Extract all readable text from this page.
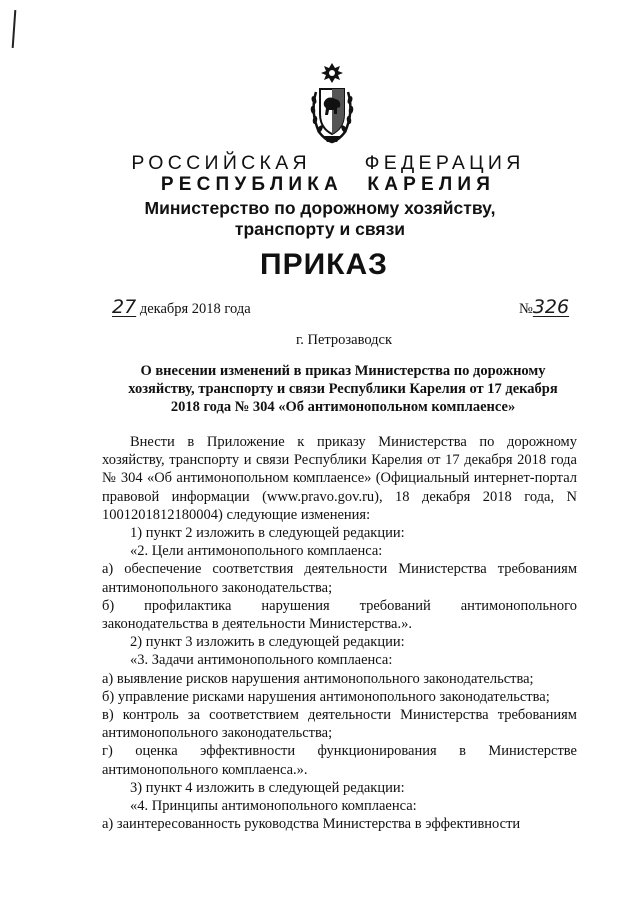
РОССИЙСКАЯ ФЕДЕРАЦИЯ
РЕСПУБЛИКА КАРЕЛИЯ
Министерство по дорожному хозяйству,
транспорту и связи
ПРИКАЗ
27 декабря 2018 года	№326
г. Петрозаводск
О внесении изменений в приказ Министерства по дорожному хозяйству, транспорту и связи Республики Карелия от 17 декабря 2018 года № 304 «Об антимонопольном комплаенсе»

Внести в Приложение к приказу Министерства по дорожному хозяйству, транспорту и связи Республики Карелия от 17 декабря 2018 года № 304 «Об антимонопольном комплаенсе» (Официальный интернет-портал правовой информации (www.pravo.gov.ru), 18 декабря 2018 года, N 1001201812180004) следующие изменения:

1) пункт 2 изложить в следующей редакции:

«2. Цели антимонопольного комплаенса:

а) обеспечение соответствия деятельности Министерства требованиям антимонопольного законодательства;

б) профилактика нарушения требований антимонопольного законодательства в деятельности Министерства.».

2) пункт 3 изложить в следующей редакции:

«3. Задачи антимонопольного комплаенса:

а) выявление рисков нарушения антимонопольного законодательства;

б) управление рисками нарушения антимонопольного законодательства;

в) контроль за соответствием деятельности Министерства требованиям антимонопольного законодательства;

г) оценка эффективности функционирования в Министерстве антимонопольного комплаенса.».

3) пункт 4 изложить в следующей редакции:

«4. Принципы антимонопольного комплаенса:

а) заинтересованность руководства Министерства в эффективности
